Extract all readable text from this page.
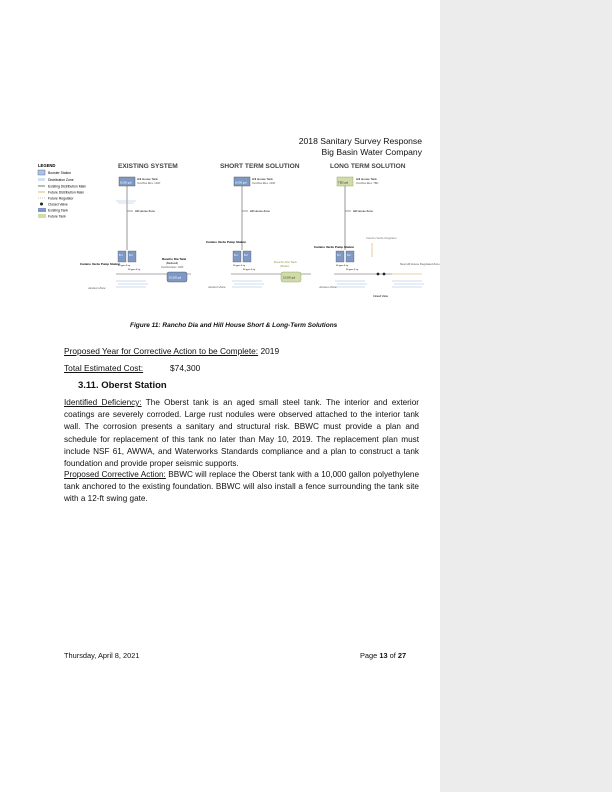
2018 Sanitary Survey Response
Big Basin Water Company
LEGEND
Booster Station
Distribution Zone
Existing Distribution Main
Future Distribution Main
Future Regulator
Closed Valve
Existing Tank
Future Tank
EXISTING SYSTEM	SHORT TERM SOLUTION	LONG TERM SOLUTION
8,000 gal
Hill House Tank
Overflow Elev. 1400'
Hill House Zone
B-1	B-2
36 gpm 5 hp
36 gpm 5 hp
Camino Verde Pump Station
Jamison Zone
Rancho Dia Tank
(Reduced)
Overflow Elev. 1400'
81,000 gal
8,000 gal
Hill House Tank
Overflow Elev. 1400'
Hill House Zone
B-1	B-2
36 gpm 5 hp
36 gpm 5 hp
Camino Verde Pump Station
Jamison Zone
Rancho Dia Tank
(Plastic)
10,000 gal
TBD gal
Hill House Tank
Overflow Elev. TBD
Hill House Zone
Camino Verde Regulator
B-1	B-2
36 gpm 5 hp
36 gpm 5 hp
Camino Verde Pump Station
Closed Valve
Jamison Zone
New Hill House Regulated Zone
Figure 11: Rancho Dia and Hill House Short & Long-Term Solutions
Proposed Year for Corrective Action to be Complete: 2019
Total Estimated Cost:	$74,300
3.11. Oberst Station
Identified Deficiency: The Oberst tank is an aged small steel tank. The interior and exterior coatings are severely corroded. Large rust nodules were observed attached to the interior tank wall. The corrosion presents a sanitary and structural risk. BBWC must provide a plan and schedule for replacement of this tank no later than May 10, 2019. The replacement plan must include NSF 61, AWWA, and Waterworks Standards compliance and a plan to construct a tank foundation and provide proper seismic supports.
Proposed Corrective Action: BBWC will replace the Oberst tank with a 10,000 gallon polyethylene tank anchored to the existing foundation. BBWC will also install a fence surrounding the tank site with a 12-ft swing gate.
Thursday, April 8, 2021	Page 13 of 27
